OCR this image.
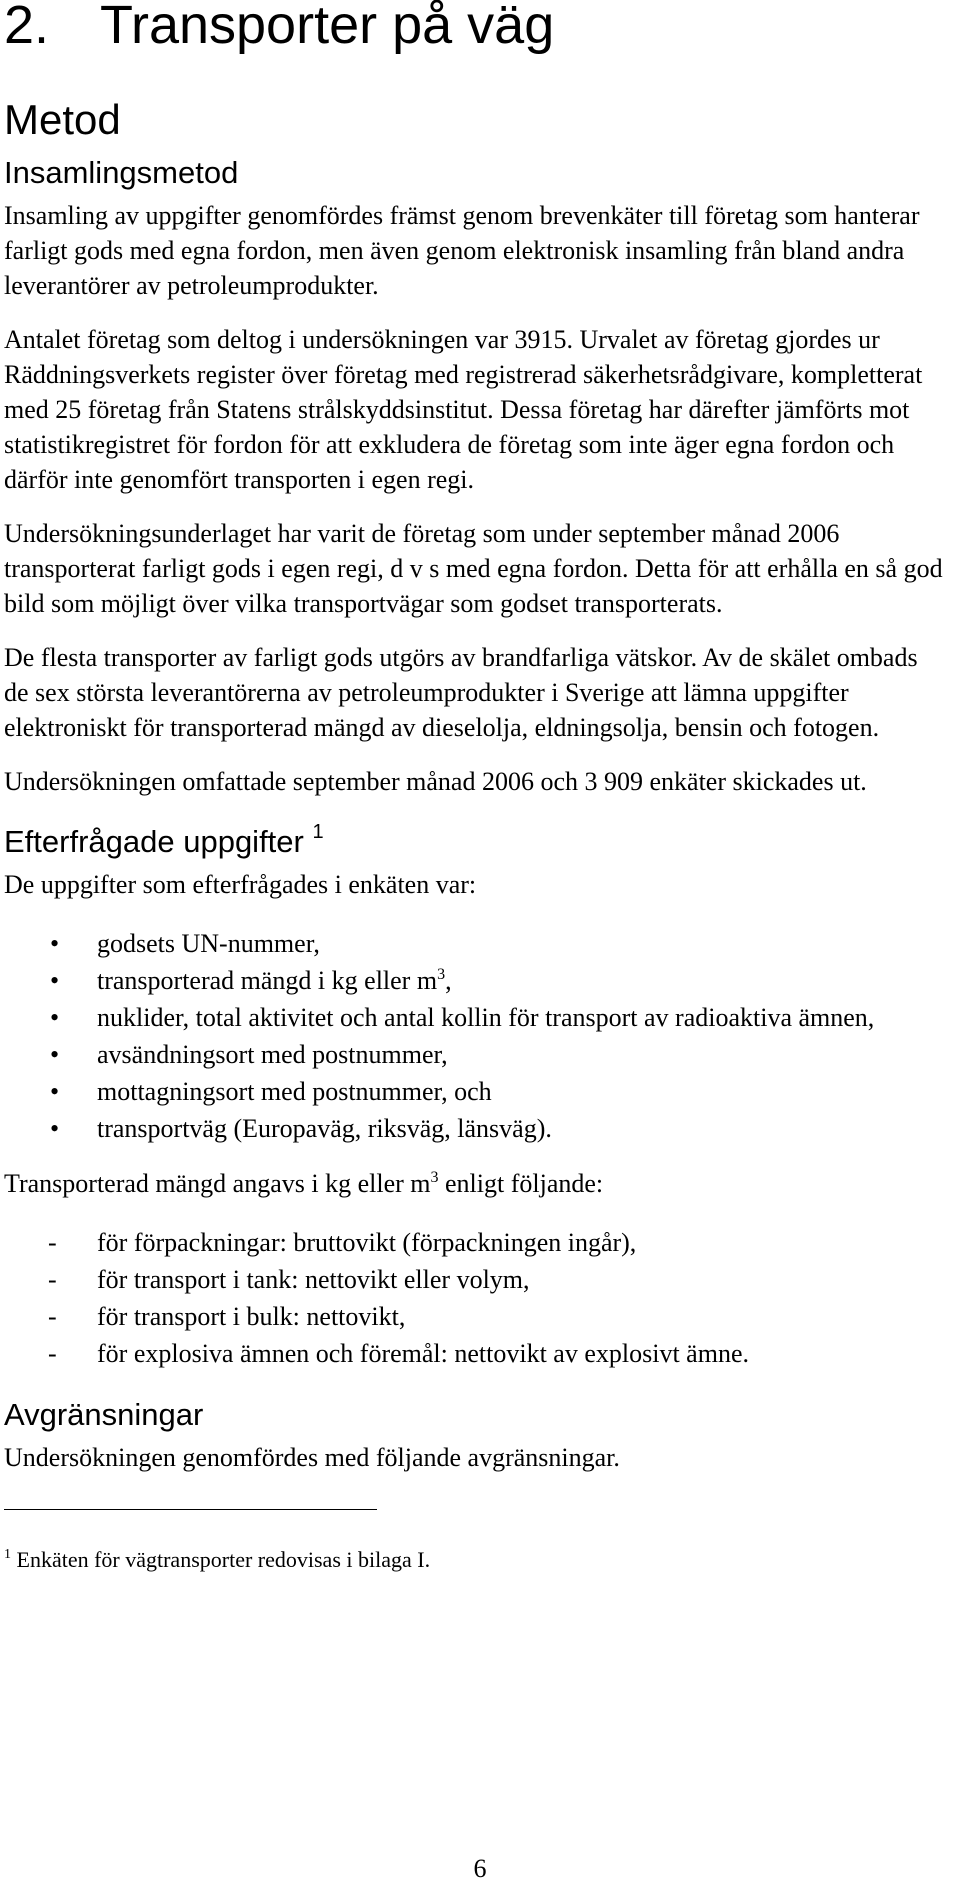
2. Transporter på väg
Metod
Insamlingsmetod

Insamling av uppgifter genomfördes främst genom brevenkäter till företag som hanterar farligt gods med egna fordon, men även genom elektronisk insamling från bland andra leverantörer av petroleumprodukter.

Antalet företag som deltog i undersökningen var 3915. Urvalet av företag gjordes ur Räddningsverkets register över företag med registrerad säkerhetsrådgivare, kompletterat med 25 företag från Statens strålskyddsinstitut. Dessa företag har därefter jämförts mot statistikregistret för fordon för att exkludera de företag som inte äger egna fordon och därför inte genomfört transporten i egen regi.

Undersökningsunderlaget har varit de företag som under september månad 2006 transporterat farligt gods i egen regi, d v s med egna fordon. Detta för att erhålla en så god bild som möjligt över vilka transportvägar som godset transporterats.

De flesta transporter av farligt gods utgörs av brandfarliga vätskor. Av de skälet ombads de sex största leverantörerna av petroleumprodukter i Sverige att lämna uppgifter elektroniskt för transporterad mängd av dieselolja, eldningsolja, bensin och fotogen.

Undersökningen omfattade september månad 2006 och 3 909 enkäter skickades ut.

Efterfrågade uppgifter $^1$

De uppgifter som efterfrågades i enkäten var:

• godsets UN-nummer,
• transporterad mängd i kg eller $m^3$,
• nuklider, total aktivitet och antal kollin för transport av radioaktiva ämnen,
• avsändningsort med postnummer,
• mottagningsort med postnummer, och
• transportväg (Europaväg, riksväg, länsväg).

Transporterad mängd angavs i kg eller $m^3$ enligt följande:

- för förpackningar: bruttovikt (förpackningen ingår),
- för transport i tank: nettovikt eller volym,
- för transport i bulk: nettovikt,
- för explosiva ämnen och föremål: nettovikt av explosivt ämne.
Avgränsningar

Undersökningen genomfördes med följande avgränsningar.

$^1$ Enkäten för vägtransporter redovisas i bilaga I.
6
